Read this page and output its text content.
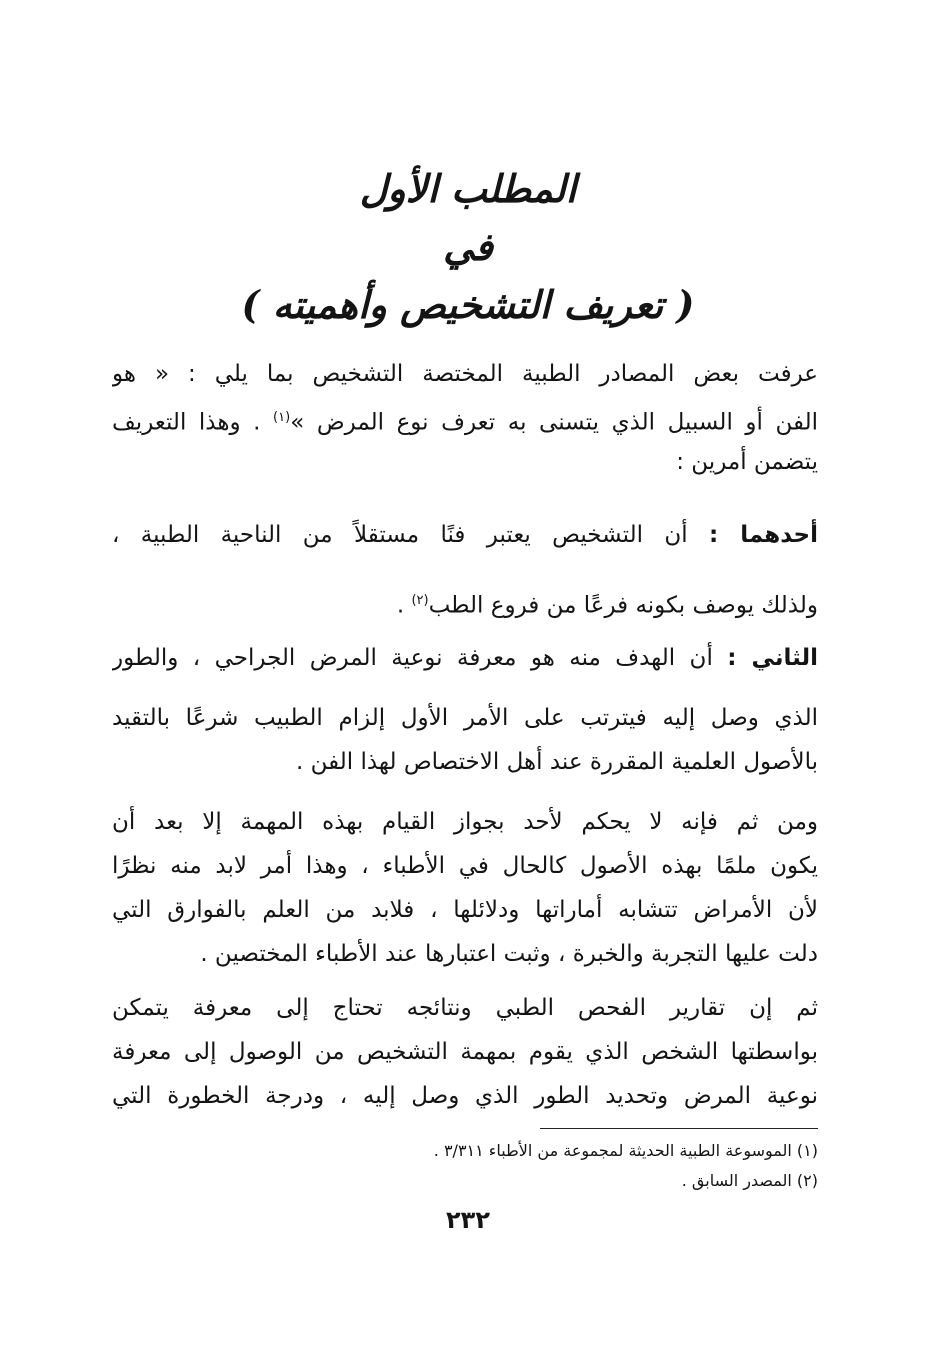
المطلب الأول

في

( تعريف التشخيص وأهميته )

عرفت بعض المصادر الطبية المختصة التشخيص بما يلي : « هو
الفن أو السبيل الذي يتسنى به تعرف نوع المرض »$^{(١)}$ . وهذا التعريف
يتضمن أمرين :
أحدهما : أن التشخيص يعتبر فنًا مستقلاً من الناحية الطبية ،
ولذلك يوصف بكونه فرعًا من فروع الطب$^{(٢)}$ .
الثاني : أن الهدف منه هو معرفة نوعية المرض الجراحي ، والطور
الذي وصل إليه فيترتب على الأمر الأول إلزام الطبيب شرعًا بالتقيد
بالأصول العلمية المقررة عند أهل الاختصاص لهذا الفن .
ومن ثم فإنه لا يحكم لأحد بجواز القيام بهذه المهمة إلا بعد أن
يكون ملمًا بهذه الأصول كالحال في الأطباء ، وهذا أمر لابد منه نظرًا
لأن الأمراض تتشابه أماراتها ودلائلها ، فلابد من العلم بالفوارق التي
دلت عليها التجربة والخبرة ، وثبت اعتبارها عند الأطباء المختصين .
ثم إن تقارير الفحص الطبي ونتائجه تحتاج إلى معرفة يتمكن
بواسطتها الشخص الذي يقوم بمهمة التشخيص من الوصول إلى معرفة
نوعية المرض وتحديد الطور الذي وصل إليه ، ودرجة الخطورة التي
(١) الموسوعة الطبية الحديثة لمجموعة من الأطباء ٣/٣١١ .
(٢) المصدر السابق .
٢٣٢
